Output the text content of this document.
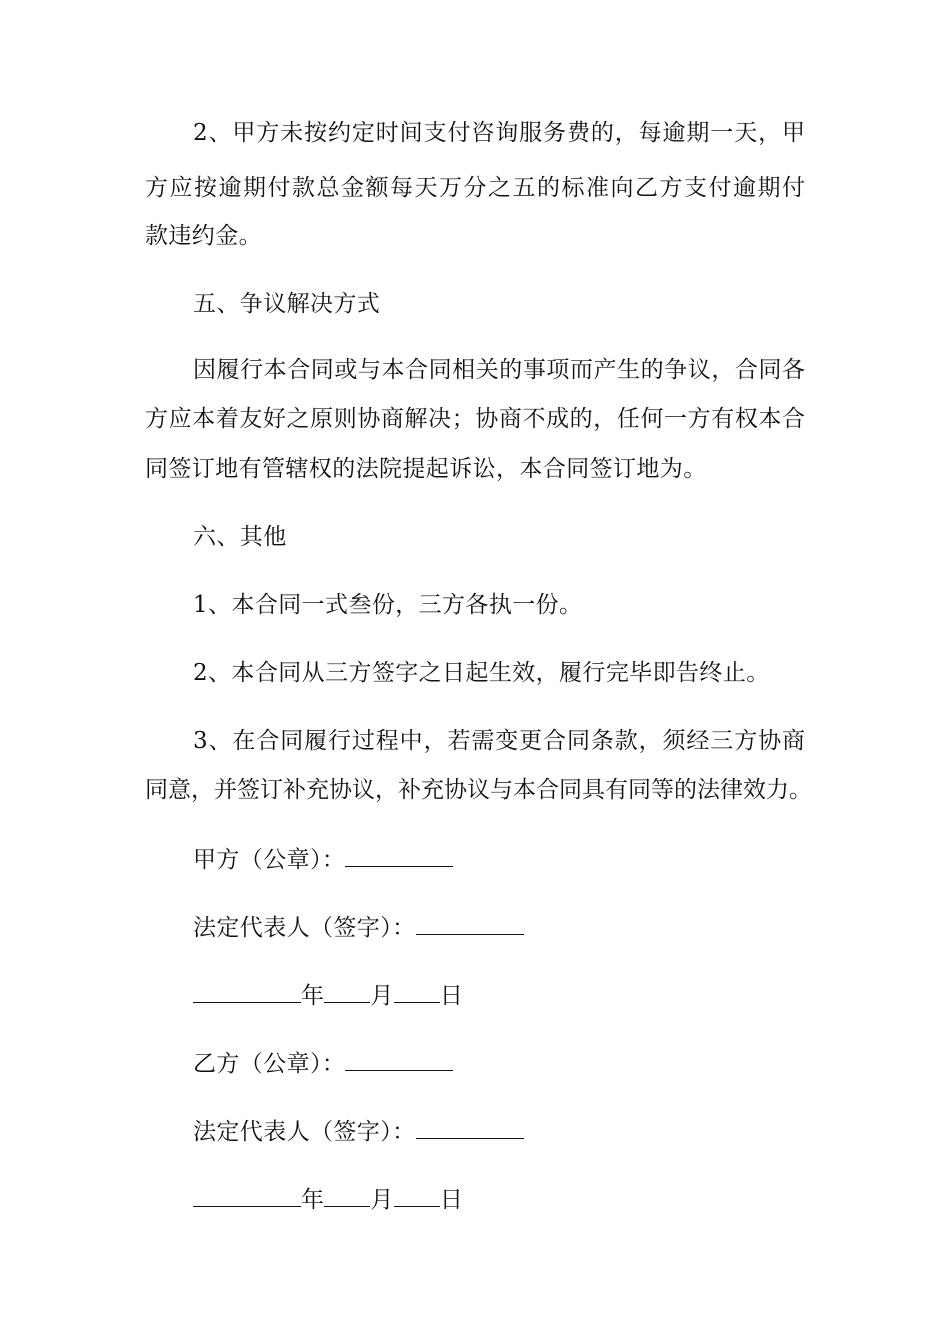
2、甲方未按约定时间支付咨询服务费的，每逾期一天，甲
方应按逾期付款总金额每天万分之五的标准向乙方支付逾期付
款违约金。
五、争议解决方式
因履行本合同或与本合同相关的事项而产生的争议，合同各
方应本着友好之原则协商解决；协商不成的，任何一方有权本合
同签订地有管辖权的法院提起诉讼，本合同签订地为。
六、其他
1、本合同一式叁份，三方各执一份。
2、本合同从三方签字之日起生效，履行完毕即告终止。
3、在合同履行过程中，若需变更合同条款，须经三方协商
同意，并签订补充协议，补充协议与本合同具有同等的法律效力。
甲方（公章）：
法定代表人（签字）：
年 月 日
乙方（公章）：
法定代表人（签字）：
年 月 日
